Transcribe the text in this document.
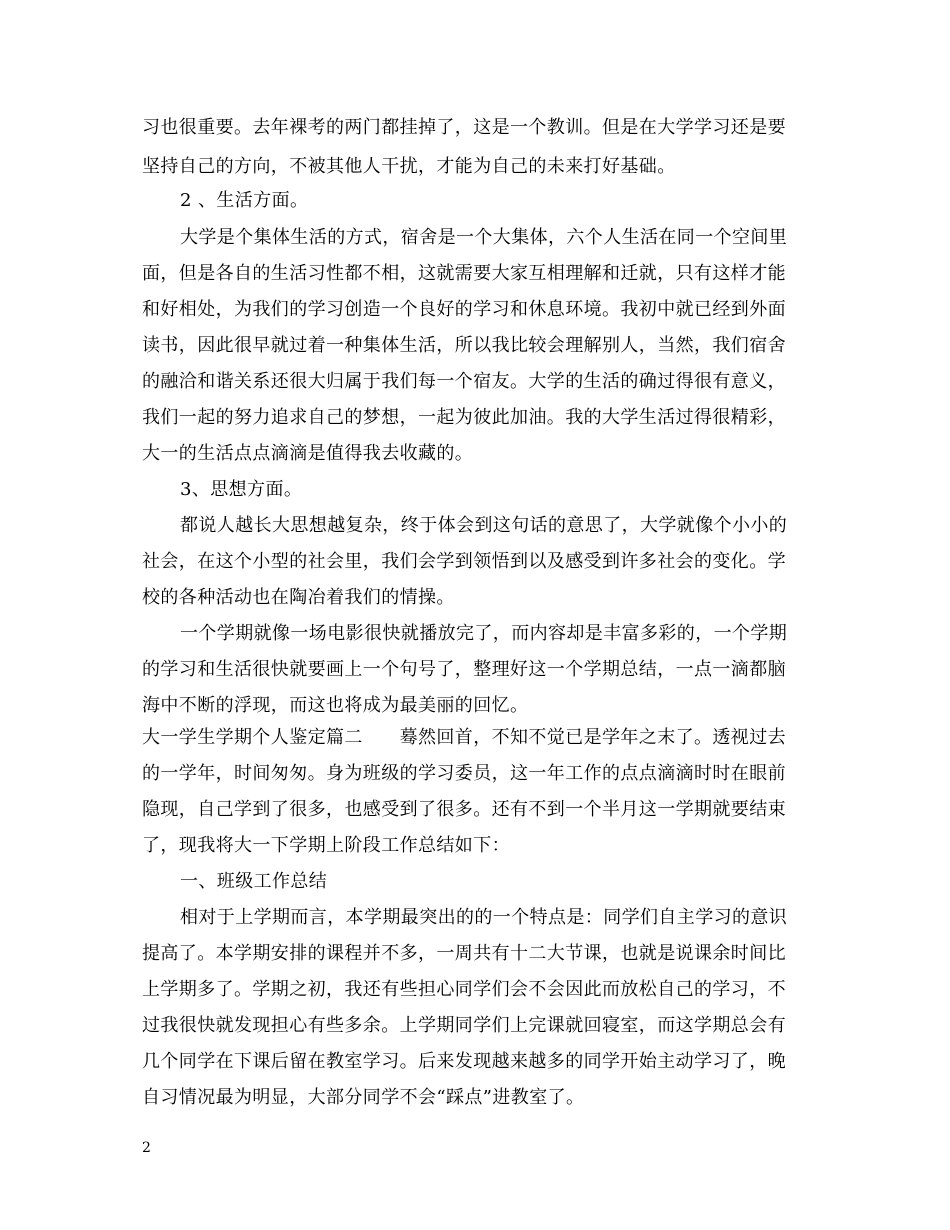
习也很重要。去年裸考的两门都挂掉了，这是一个教训。但是在大学学习还是要
坚持自己的方向，不被其他人干扰，才能为自己的未来打好基础。
2 、生活方面。
大学是个集体生活的方式，宿舍是一个大集体，六个人生活在同一个空间里
面，但是各自的生活习性都不相，这就需要大家互相理解和迁就，只有这样才能
和好相处，为我们的学习创造一个良好的学习和休息环境。我初中就已经到外面
读书，因此很早就过着一种集体生活，所以我比较会理解别人，当然，我们宿舍
的融洽和谐关系还很大归属于我们每一个宿友。大学的生活的确过得很有意义，
我们一起的努力追求自己的梦想，一起为彼此加油。我的大学生活过得很精彩，
大一的生活点点滴滴是值得我去收藏的。
3、思想方面。
都说人越长大思想越复杂，终于体会到这句话的意思了，大学就像个小小的
社会，在这个小型的社会里，我们会学到领悟到以及感受到许多社会的变化。学
校的各种活动也在陶冶着我们的情操。
一个学期就像一场电影很快就播放完了，而内容却是丰富多彩的，一个学期
的学习和生活很快就要画上一个句号了，整理好这一个学期总结，一点一滴都脑
海中不断的浮现，而这也将成为最美丽的回忆。
大一学生学期个人鉴定篇二　　蓦然回首，不知不觉已是学年之末了。透视过去
的一学年，时间匆匆。身为班级的学习委员，这一年工作的点点滴滴时时在眼前
隐现，自己学到了很多，也感受到了很多。还有不到一个半月这一学期就要结束
了，现我将大一下学期上阶段工作总结如下：
一、班级工作总结
相对于上学期而言，本学期最突出的的一个特点是：同学们自主学习的意识
提高了。本学期安排的课程并不多，一周共有十二大节课，也就是说课余时间比
上学期多了。学期之初，我还有些担心同学们会不会因此而放松自己的学习，不
过我很快就发现担心有些多余。上学期同学们上完课就回寝室，而这学期总会有
几个同学在下课后留在教室学习。后来发现越来越多的同学开始主动学习了，晚
自习情况最为明显，大部分同学不会“踩点”进教室了。
2
